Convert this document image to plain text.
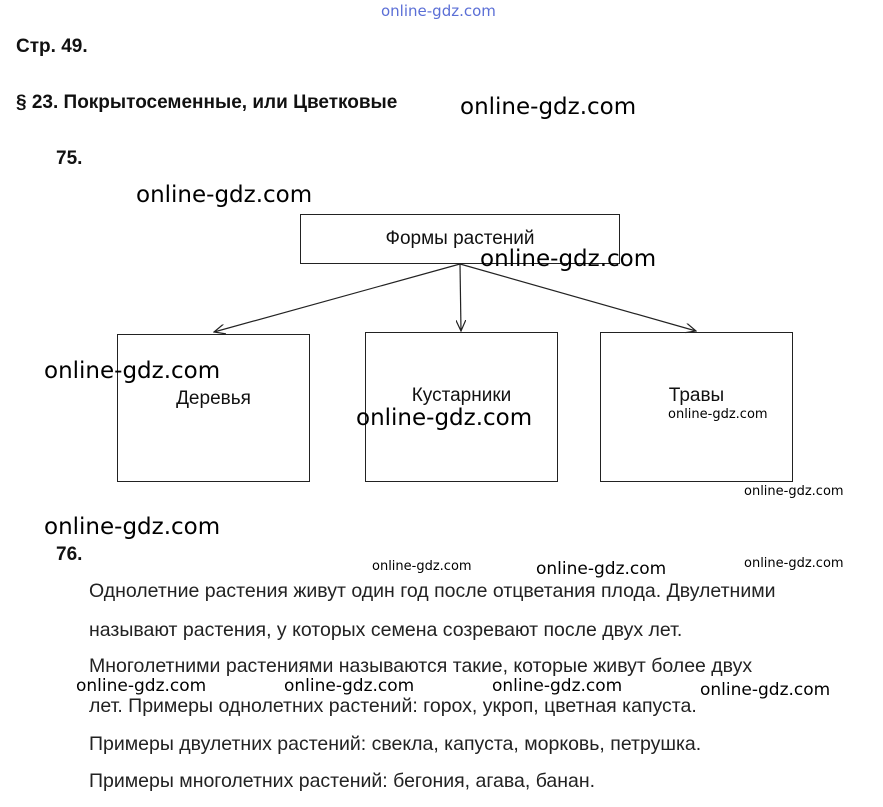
online-gdz.com
Стр. 49.
§ 23. Покрытосеменные, или Цветковые	online-gdz.com
75.
online-gdz.com
Формы растений
online-gdz.com
Деревья	Кустарники	Травы
online-gdz.com
online-gdz.com	online-gdz.com
online-gdz.com
online-gdz.com
76.
online-gdz.com	online-gdz.com	online-gdz.com
Однолетние растения живут один год после отцветания плода. Двулетними
называют растения, у которых семена созревают после двух лет.
Многолетними растениями называются такие, которые живут более двух
online-gdz.com	online-gdz.com	online-gdz.com	online-gdz.com
лет. Примеры однолетних растений: горох, укроп, цветная капуста.
Примеры двулетних растений: свекла, капуста, морковь, петрушка.
Примеры многолетних растений: бегония, агава, банан.
